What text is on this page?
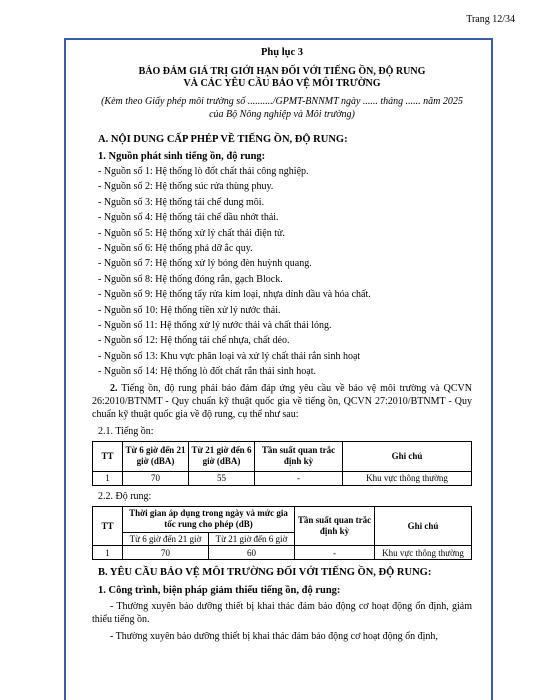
Trang 12/34
Phụ lục 3
BẢO ĐẢM GIÁ TRỊ GIỚI HẠN ĐỐI VỚI TIẾNG ỒN, ĐỘ RUNG
VÀ CÁC YÊU CẦU BẢO VỆ MÔI TRƯỜNG
(Kèm theo Giấy phép môi trường số ........../GPMT-BNNMT ngày ...... tháng ...... năm 2025
của Bộ Nông nghiệp và Môi trường)
A. NỘI DUNG CẤP PHÉP VỀ TIẾNG ỒN, ĐỘ RUNG:
1. Nguồn phát sinh tiếng ồn, độ rung:
- Nguồn số 1: Hệ thống lò đốt chất thải công nghiệp.
- Nguồn số 2: Hệ thống súc rửa thùng phuy.
- Nguồn số 3: Hệ thống tái chế dung môi.
- Nguồn số 4: Hệ thống tái chế dầu nhớt thải.
- Nguồn số 5: Hệ thống xử lý chất thải điện tử.
- Nguồn số 6: Hệ thống phá dỡ ắc quy.
- Nguồn số 7: Hệ thống xử lý bóng đèn huỳnh quang.
- Nguồn số 8: Hệ thống đóng rắn, gạch Block.
- Nguồn số 9: Hệ thống tẩy rửa kim loại, nhựa dính dầu và hóa chất.
- Nguồn số 10: Hệ thống tiền xử lý nước thải.
- Nguồn số 11: Hệ thống xử lý nước thải và chất thải lỏng.
- Nguồn số 12: Hệ thống tái chế nhựa, chất dẻo.
- Nguồn số 13: Khu vực phân loại và xử lý chất thải rắn sinh hoạt
- Nguồn số 14: Hệ thống lò đốt chất rắn thải sinh hoạt.

2. Tiếng ồn, độ rung phải bảo đảm đáp ứng yêu cầu về bảo vệ môi trường và QCVN 26:2010/BTNMT - Quy chuẩn kỹ thuật quốc gia về tiếng ồn, QCVN 27:2010/BTNMT - Quy chuẩn kỹ thuật quốc gia về độ rung, cụ thể như sau:

2.1. Tiếng ồn:
TT	Từ 6 giờ đến 21 giờ (dBA)	Từ 21 giờ đến 6 giờ (dBA)	Tần suất quan trắc định kỳ	Ghi chú
1	70	55	-	Khu vực thông thường
2.2. Độ rung:
TT	Thời gian áp dụng trong ngày và mức gia tốc rung cho phép (dB)		Tần suất quan trắc định kỳ	Ghi chú
	Từ 6 giờ đến 21 giờ	Từ 21 giờ đến 6 giờ		
1	70	60	-	Khu vực thông thường
B. YÊU CẦU BẢO VỆ MÔI TRƯỜNG ĐỐI VỚI TIẾNG ỒN, ĐỘ RUNG:
1. Công trình, biện pháp giảm thiểu tiếng ồn, độ rung:

- Thường xuyên bảo dưỡng thiết bị khai thác đảm bảo động cơ hoạt động ổn định, giảm thiểu tiếng ồn.

- Thường xuyên bảo dưỡng thiết bị khai thác đảm bảo động cơ hoạt động ổn định,
